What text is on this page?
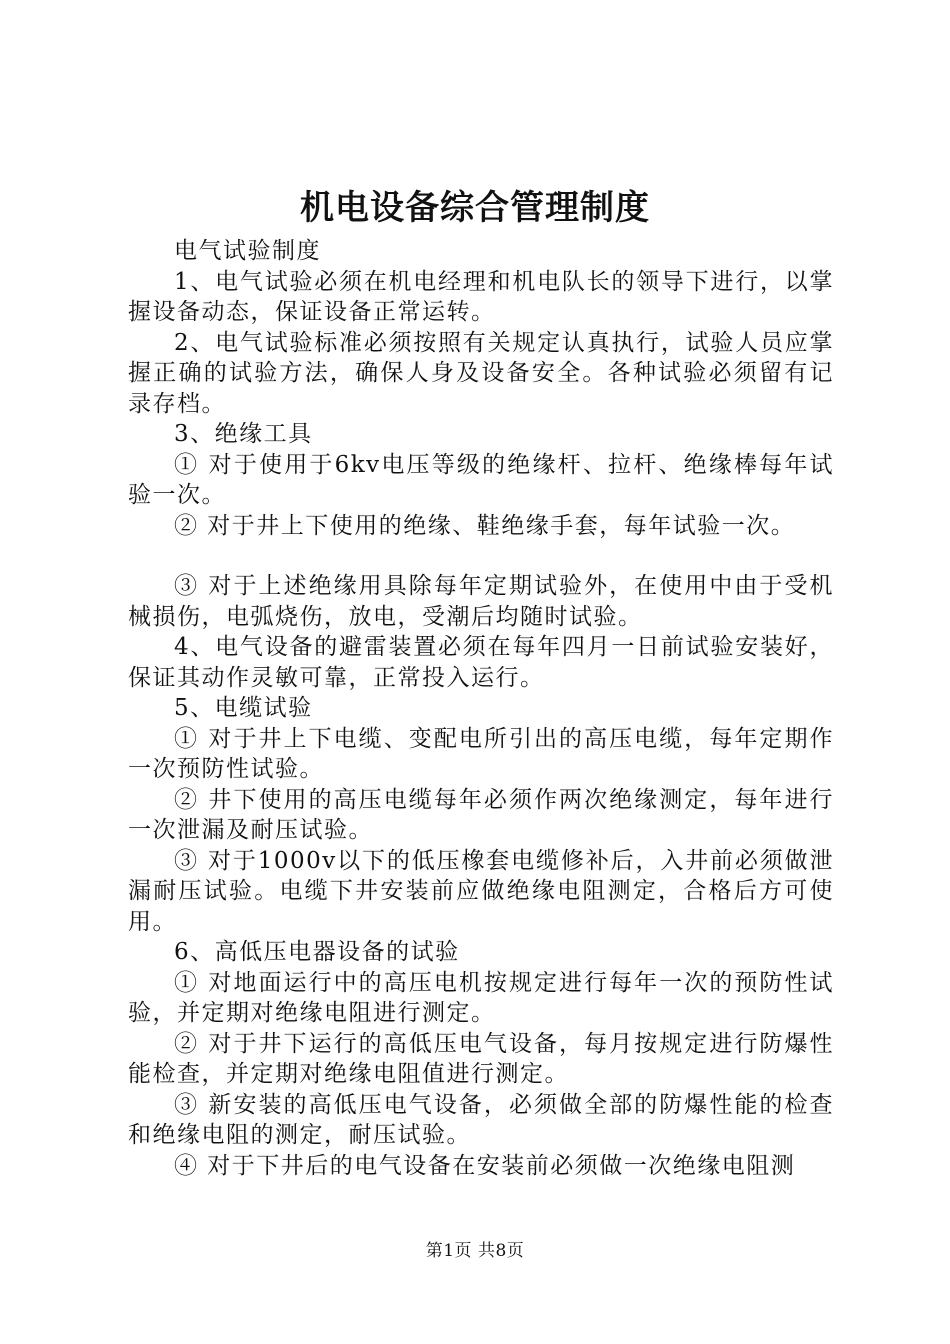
机电设备综合管理制度

电气试验制度

1、电气试验必须在机电经理和机电队长的领导下进行，以掌握设备动态，保证设备正常运转。

2、电气试验标准必须按照有关规定认真执行，试验人员应掌握正确的试验方法，确保人身及设备安全。各种试验必须留有记录存档。

3、绝缘工具

① 对于使用于6kv电压等级的绝缘杆、拉杆、绝缘棒每年试验一次。

② 对于井上下使用的绝缘、鞋绝缘手套，每年试验一次。

③ 对于上述绝缘用具除每年定期试验外，在使用中由于受机械损伤，电弧烧伤，放电，受潮后均随时试验。

4、电气设备的避雷装置必须在每年四月一日前试验安装好，保证其动作灵敏可靠，正常投入运行。

5、电缆试验

① 对于井上下电缆、变配电所引出的高压电缆，每年定期作一次预防性试验。

② 井下使用的高压电缆每年必须作两次绝缘测定，每年进行一次泄漏及耐压试验。

③ 对于1000v以下的低压橡套电缆修补后，入井前必须做泄漏耐压试验。电缆下井安装前应做绝缘电阻测定，合格后方可使用。

6、高低压电器设备的试验

① 对地面运行中的高压电机按规定进行每年一次的预防性试验，并定期对绝缘电阻进行测定。

② 对于井下运行的高低压电气设备，每月按规定进行防爆性能检查，并定期对绝缘电阻值进行测定。

③ 新安装的高低压电气设备，必须做全部的防爆性能的检查和绝缘电阻的测定，耐压试验。

④ 对于下井后的电气设备在安装前必须做一次绝缘电阻测

第1页 共8页
